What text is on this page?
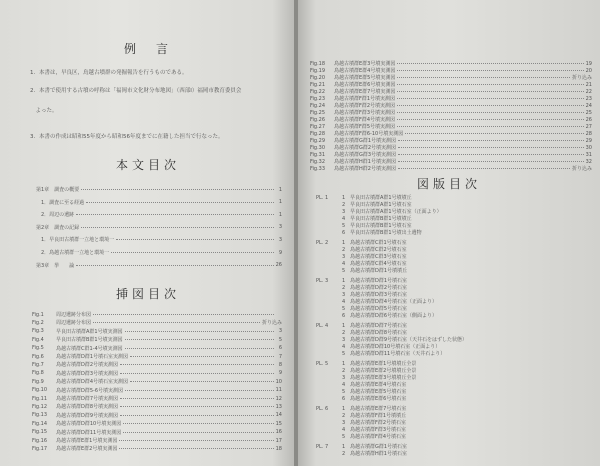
例　言
1．本書は，早良区，鳥越古墳群の発掘報告を行うものである。
2．本書で使用する古墳の呼称は「福岡市文化財分布地図」（西部Ⅰ）福岡市教育委員会
　よった。
3．本書の作成は昭和55年度から昭和56年度までに在籍した担当で行なった。
本文目次
第1章　調査の概要	1
　1．調査に至る経過	1
　2．周辺の遺跡	1
第2章　調査の記録	3
　1．早良田古墳群一立地と環境一	3
　2．鳥越古墳群一立地と環境一	9
第3章　挙　　論	26
挿図目次
Fig.1	周辺遺跡分布図
Fig.2	周辺遺跡分布図	折り込み
Fig.3	早良田古墳群A群1号墳実測図	3
Fig.4	早良田古墳群B群1号墳実測図	5
Fig.5	鳥越古墳群C群1-4号墳実測図	6
Fig.6	鳥越古墳群D群1号墳石室実測図	7
Fig.7	鳥越古墳群D群2号墳実測図	8
Fig.8	鳥越古墳群D群3号墳実測図	9
Fig.9	鳥越古墳群D群4号墳石室実測図	10
Fig.10	鳥越古墳群D群5-6号墳実測図	11
Fig.11	鳥越古墳群D群7号墳実測図	12
Fig.12	鳥越古墳群D群8号墳実測図	13
Fig.13	鳥越古墳群D群9号墳実測図	14
Fig.14	鳥越古墳群D群10号墳実測図	15
Fig.15	鳥越古墳群D群11号墳実測図	16
Fig.16	鳥越古墳群E群1号墳実測図	17
Fig.17	鳥越古墳群E群2号墳実測図	18
Fig.18	鳥越古墳群E群3号墳実測図	19
Fig.19	鳥越古墳群E群4号墳実測図	20
Fig.20	鳥越古墳群E群5号墳実測図	折り込み
Fig.21	鳥越古墳群E群6号墳実測図	21
Fig.22	鳥越古墳群E群7号墳実測図	22
Fig.23	鳥越古墳群F群1号墳実測図	23
Fig.24	鳥越古墳群F群2号墳実測図	24
Fig.25	鳥越古墳群F群3号墳実測図	25
Fig.26	鳥越古墳群F群4号墳実測図	26
Fig.27	鳥越古墳群F群5号墳実測図	27
Fig.28	鳥越古墳群F群6-10号墳実測図	28
Fig.29	鳥越古墳群G群1号墳実測図	29
Fig.30	鳥越古墳群G群2号墳実測図	30
Fig.31	鳥越古墳群G群3号墳実測図	31
Fig.32	鳥越古墳群H群1号墳実測図	32
Fig.33	鳥越古墳群H群2号墳実測図	折り込み
図版目次
PL. 1	1 早良田古墳群A群1号墳墳丘
2 早良田古墳群A群1号墳石室
3 早良田古墳群A群1号墳石室（正面より）
4 早良田古墳群B群1号墳墳丘
5 早良田古墳群B群1号墳石室
6 早良田古墳群B群1号墳出土遺物
PL. 2	1 鳥越古墳群C群1号墳石室
2 鳥越古墳群C群2号墳石室
3 鳥越古墳群C群3号墳石室
4 鳥越古墳群C群4号墳石室
5 鳥越古墳群D群1号墳墳丘
PL. 3	1 鳥越古墳群D群1号墳石室
2 鳥越古墳群D群2号墳石室
3 鳥越古墳群D群3号墳石室
4 鳥越古墳群D群4号墳石室（正面より）
5 鳥越古墳群D群5号墳石室
6 鳥越古墳群D群6号墳石室（側面より）
PL. 4	1 鳥越古墳群D群7号墳石室
2 鳥越古墳群D群8号墳石室
3 鳥越古墳群D群9号墳石室（天井石をはずした状態）
4 鳥越古墳群D群10号墳石室（正面より）
5 鳥越古墳群D群11号墳石室（天井石より）
PL. 5	1 鳥越古墳群E群1号墳墳丘全景
2 鳥越古墳群E群2号墳墳丘全景
3 鳥越古墳群E群3号墳墳丘全景
4 鳥越古墳群E群4号墳石室
5 鳥越古墳群E群5号墳石室
6 鳥越古墳群E群6号墳石室
PL. 6	1 鳥越古墳群E群7号墳石室
2 鳥越古墳群F群1号墳墳丘
3 鳥越古墳群F群2号墳石室
4 鳥越古墳群F群3号墳石室
5 鳥越古墳群F群4号墳石室
PL. 7	1 鳥越古墳群G群1号墳石室
2 鳥越古墳群H群1号墳石室
